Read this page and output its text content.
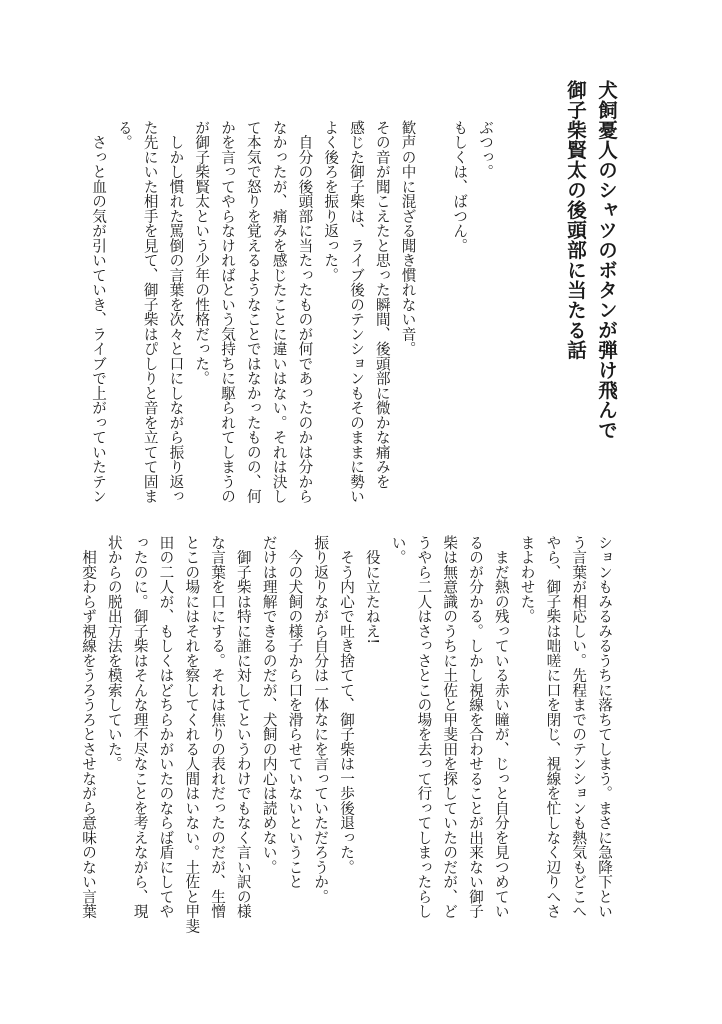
犬飼憂人のシャツのボタンが弾け飛んで
御子柴賢太の後頭部に当たる話
ぶつっ。
もしくは、ばつん。

歓声の中に混ざる聞き慣れない音。
その音が聞こえたと思った瞬間、後頭部に微かな痛みを
感じた御子柴は、ライブ後のテンションもそのままに勢い
よく後ろを振り返った。
　自分の後頭部に当たったものが何であったのかは分から
なかったが、痛みを感じたことに違いはない。それは決し
て本気で怒りを覚えるようなことではなかったものの、何
かを言ってやらなければという気持ちに駆られてしまうの
が御子柴賢太という少年の性格だった。
　しかし慣れた罵倒の言葉を次々と口にしながら振り返っ
た先にいた相手を見て、御子柴はぴしりと音を立てて固ま
る。
　さっと血の気が引いていき、ライブで上がっていたテン
ションもみるみるうちに落ちてしまう。まさに急降下とい
う言葉が相応しい。先程までのテンションも熱気もどこへ
やら、御子柴は咄嗟に口を閉じ、視線を忙しなく辺りへさ
まよわせた。
　まだ熱の残っている赤い瞳が、じっと自分を見つめてい
るのが分かる。しかし視線を合わせることが出来ない御子
柴は無意識のうちに土佐と甲斐田を探していたのだが、ど
うやら二人はさっさとこの場を去って行ってしまったらし
い。
　役に立たねえ!
　そう内心で吐き捨てて、御子柴は一歩後退った。
振り返りながら自分は一体なにを言っていただろうか。
　今の犬飼の様子から口を滑らせていないということ
だけは理解できるのだが、犬飼の内心は読めない。
　御子柴は特に誰に対してというわけでもなく言い訳の様
な言葉を口にする。それは焦りの表れだったのだが、生憎
とこの場にはそれを察してくれる人間はいない。土佐と甲斐
田の二人が、もしくはどちらかがいたのならば盾にしてや
ったのに。御子柴はそんな理不尽なことを考えながら、現
状からの脱出方法を模索していた。
　相変わらず視線をうろうろとさせながら意味のない言葉
